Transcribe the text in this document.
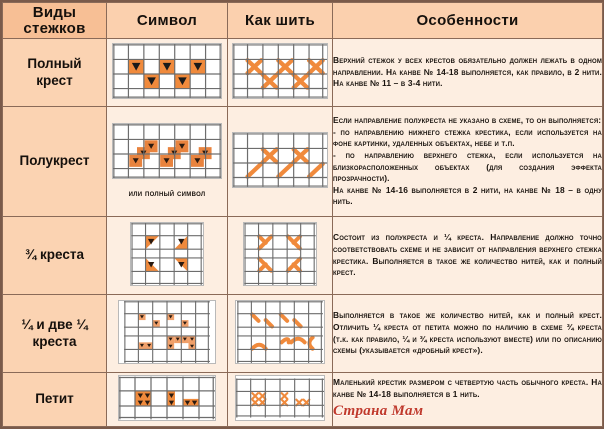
Виды
стежков	Символ	Как шить	Особенности
Полный
крест			Верхний стежок у всех крестов обязательно должен лежать в одном направлении. На канве № 14-18 выполняется, как правило, в 2 нити. На канве № 11 – в 3-4 нити.

Полукрест	или полный символ		Если направление полукреста не указано в схеме, то он выполняется:

- по направлению нижнего стежка крестика, если используется на фоне картинки, удаленных объектах, небе и т.п.

- по направлению верхнего стежка, если используется на близкорасположенных объектах (для создания эффекта прозрачности).

На канве № 14-16 выполняется в 2 нити, на канве № 18 – в одну нить.

¾ креста			Состоит из полукреста и ¼ креста. Направление должно точно соответствовать схеме и не зависит от направления верхнего стежка крестика. Выполняется в такое же количество нитей, как и полный крест.

¼ и две ¼
креста			Выполняется в такое же количество нитей, как и полный крест. Отличить ¼ креста от петита можно по наличию в схеме ¾ креста (т.к. как правило, ¼ и ¾ креста используют вместе) или по описанию схемы (указывается «дробный крест»).

Петит			Маленький крестик размером с четвертую часть обычного креста. На канве № 14-18 выполняется в 1 нить.

Страна Мам
